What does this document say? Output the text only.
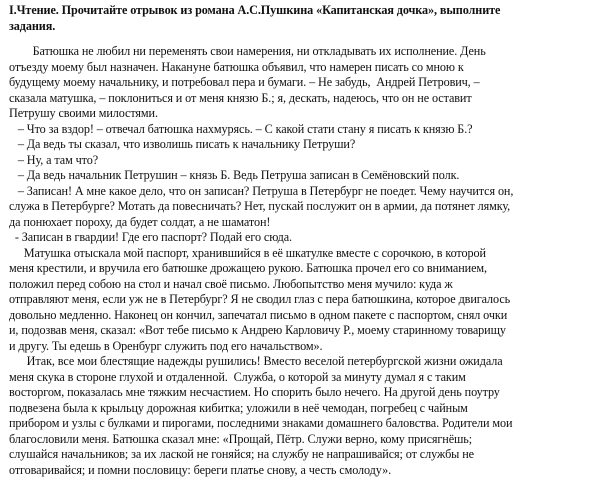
I.Чтение. Прочитайте отрывок из романа А.С.Пушкина «Капитанская дочка», выполните
задания.
Батюшка не любил ни переменять свои намерения, ни откладывать их исполнение. День
отъезду моему был назначен. Накануне батюшка объявил, что намерен писать со мною к
будущему моему начальнику, и потребовал пера и бумаги. – Не забудь,  Андрей Петрович, –
сказала матушка, – поклониться и от меня князю Б.; я, дескать, надеюсь, что он не оставит
Петрушу своими милостями.
– Что за вздор! – отвечал батюшка нахмурясь. – С какой стати стану я писать к князю Б.?
– Да ведь ты сказал, что изволишь писать к начальнику Петруши?
– Ну, а там что?
– Да ведь начальник Петрушин – князь Б. Ведь Петруша записан в Семёновский полк.
– Записан! А мне какое дело, что он записан? Петруша в Петербург не поедет. Чему научится он,
служа в Петербурге? Мотать да повесничать? Нет, пускай послужит он в армии, да потянет лямку,
да понюхает пороху, да будет солдат, а не шаматон!
- Записан в гвардии! Где его паспорт? Подай его сюда.
Матушка отыскала мой паспорт, хранившийся в её шкатулке вместе с сорочкою, в которой
меня крестили, и вручила его батюшке дрожащею рукою. Батюшка прочел его со вниманием,
положил перед собою на стол и начал своё письмо. Любопытство меня мучило: куда ж
отправляют меня, если уж не в Петербург? Я не сводил глаз с пера батюшкина, которое двигалось
довольно медленно. Наконец он кончил, запечатал письмо в одном пакете с паспортом, снял очки
и, подозвав меня, сказал: «Вот тебе письмо к Андрею Карловичу Р., моему старинному товарищу
и другу. Ты едешь в Оренбург служить под его начальством».
Итак, все мои блестящие надежды рушились! Вместо веселой петербургской жизни ожидала
меня скука в стороне глухой и отдаленной.  Служба, о которой за минуту думал я с таким
восторгом, показалась мне тяжким несчастием. Но спорить было нечего. На другой день поутру
подвезена была к крыльцу дорожная кибитка; уложили в неё чемодан, погребец с чайным
прибором и узлы с булками и пирогами, последними знаками домашнего баловства. Родители мои
благословили меня. Батюшка сказал мне: «Прощай, Пётр. Служи верно, кому присягнёшь;
слушайся начальников; за их лаской не гоняйся; на службу не напрашивайся; от службы не
отговаривайся; и помни пословицу: береги платье снову, а честь смолоду».
